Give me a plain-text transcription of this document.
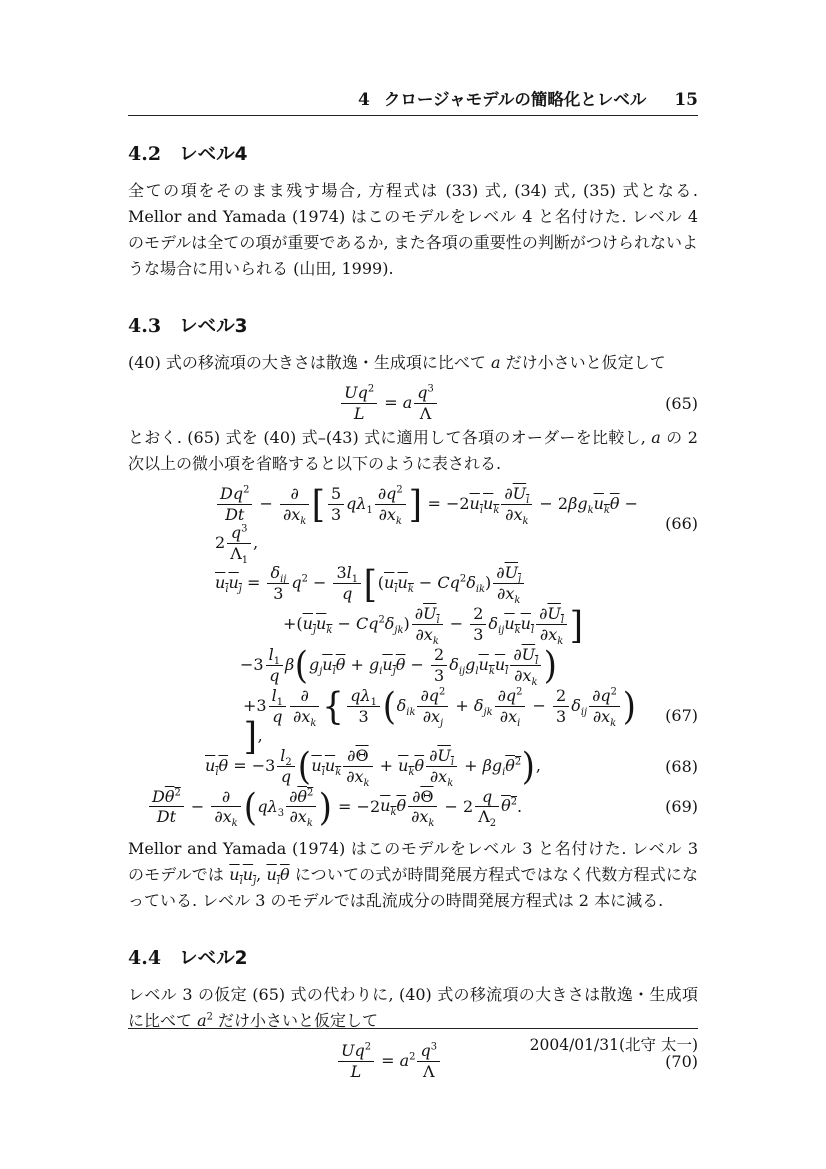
4 クロージャモデルの簡略化とレベル 15
4.2 レベル4

全ての項をそのまま残す場合, 方程式は (33) 式, (34) 式, (35) 式となる. Mellor and Yamada (1974) はこのモデルをレベル 4 と名付けた. レベル 4 のモデルは全ての項が重要であるか, また各項の重要性の判断がつけられないような場合に用いられる (山田, 1999).

4.3 レベル3

(40) 式の移流項の大きさは散逸・生成項に比べて a だけ小さいと仮定して

$\frac{Uq^2}{L} = a \frac{q^3}{\Lambda}$	(65)

とおく. (65) 式を (40) 式–(43) 式に適用して各項のオーダーを比較し, a の 2 次以上の微小項を省略すると以下のように表される.

$\frac{Dq^2}{Dt}$ −
∂
$\partial x_k$ [ $\frac{5}{3} q\lambda_1 \frac{\partial q^2}{\partial x_k}$ ] = $-2u_iu_k \frac{\partial U_i}{\partial x_k} - 2\beta g_ku_k\theta - 2 \frac{q^3}{\Lambda_1}$ ,
(66)
$u_iu_j$ =
$\delta_{ij}$
3
$q^2 - \frac{3l_1}{q} [(u_iu_k - Cq^2\delta_{ik}) \frac{\partial U_j}{\partial x_k}$
$+(u_ju_k - Cq^2\delta_{jk}) \frac{\partial U_i}{\partial x_k} - \frac{2}{3} \delta_{ij}u_ku_l \frac{\partial U_l}{\partial x_k}$ ]
$-3 \frac{l_1}{q} \beta(g_ju_i\theta + g_iu_j\theta - \frac{2}{3} \delta_{ij}g_lu_ku_l \frac{\partial U_l}{\partial x_k}$ )
$+3 \frac{l_1}{q}$ ∂
$\partial x_k$ { $\frac{q\lambda_1}{3} (\delta_{ik} \frac{\partial q^2}{\partial x_j} + \delta_{jk} \frac{\partial q^2}{\partial x_i} - \frac{2}{3} \delta_{ij} \frac{\partial q^2}{\partial x_k}$ )],
(67)
$u_i\theta = -3 \frac{l_2}{q} (u_iu_k \frac{\partial\overline{\Theta}}{\partial x_k} + u_k\theta \frac{\partial U_i}{\partial x_k} + \beta g_i\theta^2)$,	(68)
$\frac{D\theta^2}{Dt}$ −
∂
$\partial x_k$ ($q\lambda_3 \frac{\partial\theta^2}{\partial x_k}$ ) = $-2u_k\theta \frac{\partial\overline{\Theta}}{\partial x_k} - 2 \frac{q}{\Lambda_2} \theta^2$.	(69)

Mellor and Yamada (1974) はこのモデルをレベル 3 と名付けた. レベル 3 のモデルでは $u_iu_j$, $u_i\theta$ についての式が時間発展方程式ではなく代数方程式になっている. レベル 3 のモデルでは乱流成分の時間発展方程式は 2 本に減る.

4.4 レベル2

レベル 3 の仮定 (65) 式の代わりに, (40) 式の移流項の大きさは散逸・生成項に比べて $a^2$ だけ小さいと仮定して

$\frac{Uq^2}{L} = a^2 \frac{q^3}{\Lambda}$	(70)
2004/01/31(北守 太一)
